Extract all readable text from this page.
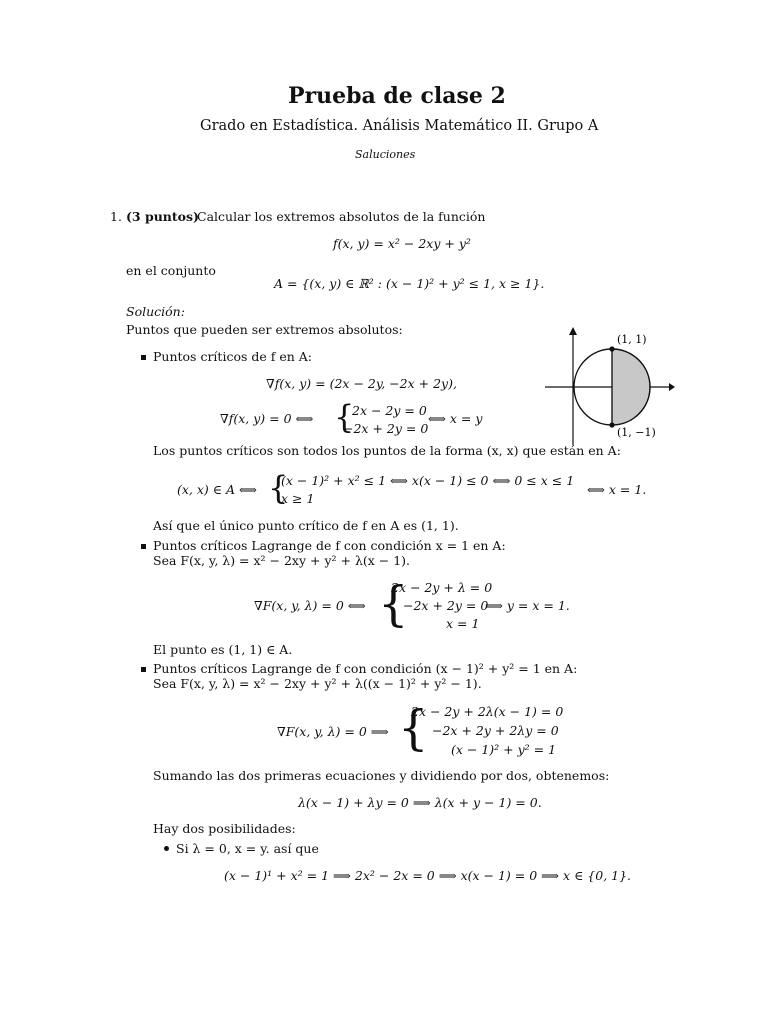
Prueba de clase 2
Grado en Estadística. Análisis Matemático II. Grupo A
Saluciones
1. (3 puntos)
Calcular los extremos absolutos de la función
f(x, y) = x² − 2xy + y²
en el conjunto
A = {(x, y) ∈ ℝ² : (x − 1)² + y² ≤ 1, x ≥ 1}.
Solución:
Puntos que pueden ser extremos absolutos:
(1, 1)
(1, −1)
Puntos críticos de f en A:
∇f(x, y) = (2x − 2y, −2x + 2y),
∇f(x, y) = 0 ⟺ {
2x − 2y = 0
−2x + 2y = 0
⟺ x = y
Los puntos críticos son todos los puntos de la forma (x, x) que están en A:
(x, x) ∈ A ⟺ {
(x − 1)² + x² ≤ 1 ⟺ x(x − 1) ≤ 0 ⟺ 0 ≤ x ≤ 1
x ≥ 1
⟺ x = 1.
Así que el único punto crítico de f en A es (1, 1).
Puntos críticos Lagrange de f con condición x = 1 en A:
Sea F(x, y, λ) = x² − 2xy + y² + λ(x − 1).
∇F(x, y, λ) = 0 ⟺ {
2x − 2y + λ = 0
−2x + 2y = 0
x = 1
⟹ y = x = 1.
El punto es (1, 1) ∈ A.
Puntos críticos Lagrange de f con condición (x − 1)² + y² = 1 en A:
Sea F(x, y, λ) = x² − 2xy + y² + λ((x − 1)² + y² − 1).
∇F(x, y, λ) = 0 ⟹ {
2x − 2y + 2λ(x − 1) = 0
−2x + 2y + 2λy = 0
(x − 1)² + y² = 1
Sumando las dos primeras ecuaciones y dividiendo por dos, obtenemos:
λ(x − 1) + λy = 0 ⟹ λ(x + y − 1) = 0.
Hay dos posibilidades:
Si λ = 0, x = y. así que
(x − 1)¹ + x² = 1 ⟹ 2x² − 2x = 0 ⟹ x(x − 1) = 0 ⟹ x ∈ {0, 1}.
